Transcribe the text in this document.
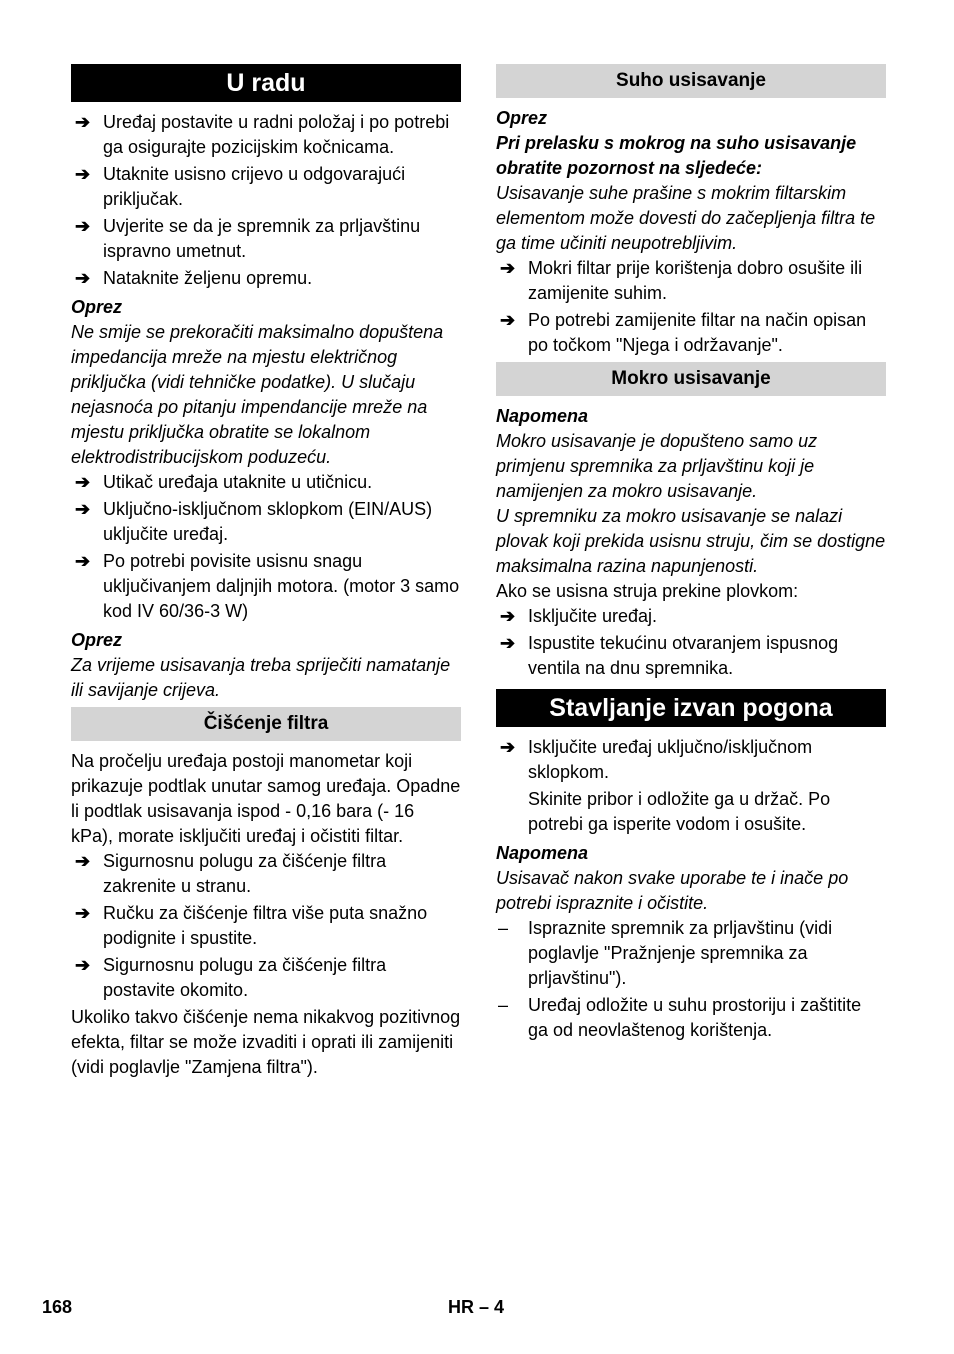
U radu
➔ Uređaj postavite u radni položaj i po potrebi ga osigurajte pozicijskim kočnicama.
➔ Utaknite usisno crijevo u odgovarajući priključak.
➔ Uvjerite se da je spremnik za prljavštinu ispravno umetnut.
➔ Nataknite željenu opremu.
Oprez
Ne smije se prekoračiti maksimalno dopuštena impedancija mreže na mjestu električnog priključka (vidi tehničke podatke). U slučaju nejasnoća po pitanju impendancije mreže na mjestu priključka obratite se lokalnom elektrodistribucijskom poduzeću.
➔ Utikač uređaja utaknite u utičnicu.
➔ Uključno-isključnom sklopkom (EIN/AUS) uključite uređaj.
➔ Po potrebi povisite usisnu snagu uključivanjem daljnjih motora. (motor 3 samo kod IV 60/36-3 W)
Oprez
Za vrijeme usisavanja treba spriječiti namatanje ili savijanje crijeva.
Čišćenje filtra
Na pročelju uređaja postoji manometar koji prikazuje podtlak unutar samog uređaja. Opadne li podtlak usisavanja ispod - 0,16 bara (- 16 kPa), morate isključiti uređaj i očistiti filtar.
➔ Sigurnosnu polugu za čišćenje filtra zakrenite u stranu.
➔ Ručku za čišćenje filtra više puta snažno podignite i spustite.
➔ Sigurnosnu polugu za čišćenje filtra postavite okomito.
Ukoliko takvo čišćenje nema nikakvog pozitivnog efekta, filtar se može izvaditi i oprati ili zamijeniti (vidi poglavlje "Zamjena filtra").
Suho usisavanje
Oprez
Pri prelasku s mokrog na suho usisavanje obratite pozornost na sljedeće:
Usisavanje suhe prašine s mokrim filtarskim elementom može dovesti do začepljenja filtra te ga time učiniti neupotrebljivim.
➔ Mokri filtar prije korištenja dobro osušite ili zamijenite suhim.
➔ Po potrebi zamijenite filtar na način opisan po točkom "Njega i održavanje".
Mokro usisavanje
Napomena
Mokro usisavanje je dopušteno samo uz primjenu spremnika za prljavštinu koji je namijenjen za mokro usisavanje.
U spremniku za mokro usisavanje se nalazi plovak koji prekida usisnu struju, čim se dostigne maksimalna razina napunjenosti.
Ako se usisna struja prekine plovkom:
➔ Isključite uređaj.
➔ Ispustite tekućinu otvaranjem ispusnog ventila na dnu spremnika.
Stavljanje izvan pogona
➔ Isključite uređaj uključno/isključnom sklopkom.
Skinite pribor i odložite ga u držač. Po potrebi ga isperite vodom i osušite.
Napomena
Usisavač nakon svake uporabe te i inače po potrebi ispraznite i očistite.
– Ispraznite spremnik za prljavštinu (vidi poglavlje "Pražnjenje spremnika za prljavštinu").
– Uređaj odložite u suhu prostoriju i zaštitite ga od neovlaštenog korištenja.
168	HR – 4
